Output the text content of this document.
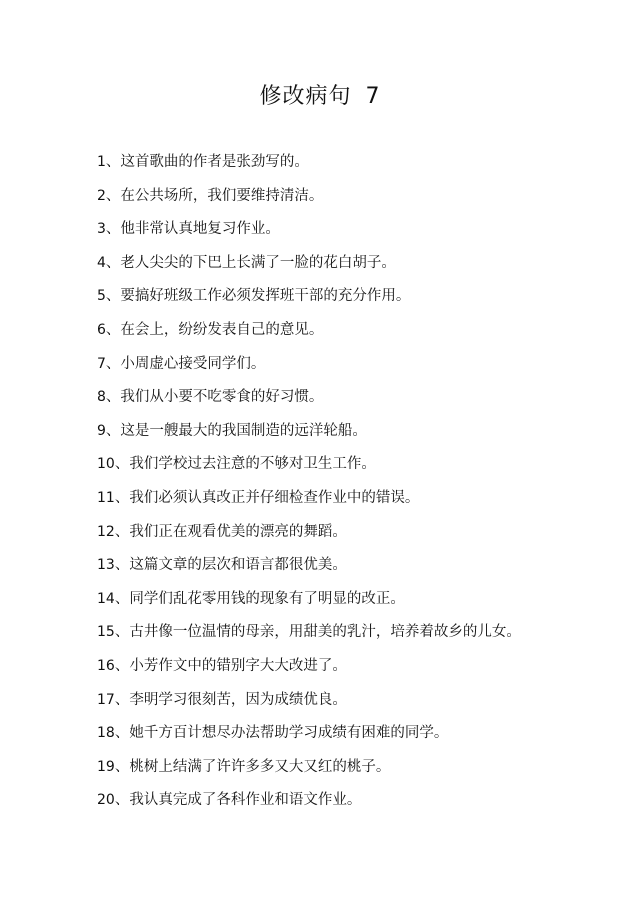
修改病句 7
1、这首歌曲的作者是张劲写的。
2、在公共场所，我们要维持清洁。
3、他非常认真地复习作业。
4、老人尖尖的下巴上长满了一脸的花白胡子。
5、要搞好班级工作必须发挥班干部的充分作用。
6、在会上，纷纷发表自己的意见。
7、小周虚心接受同学们。
8、我们从小要不吃零食的好习惯。
9、这是一艘最大的我国制造的远洋轮船。
10、我们学校过去注意的不够对卫生工作。
11、我们必须认真改正并仔细检查作业中的错误。
12、我们正在观看优美的漂亮的舞蹈。
13、这篇文章的层次和语言都很优美。
14、同学们乱花零用钱的现象有了明显的改正。
15、古井像一位温情的母亲，用甜美的乳汁，培养着故乡的儿女。
16、小芳作文中的错别字大大改进了。
17、李明学习很刻苦，因为成绩优良。
18、她千方百计想尽办法帮助学习成绩有困难的同学。
19、桃树上结满了许许多多又大又红的桃子。
20、我认真完成了各科作业和语文作业。
